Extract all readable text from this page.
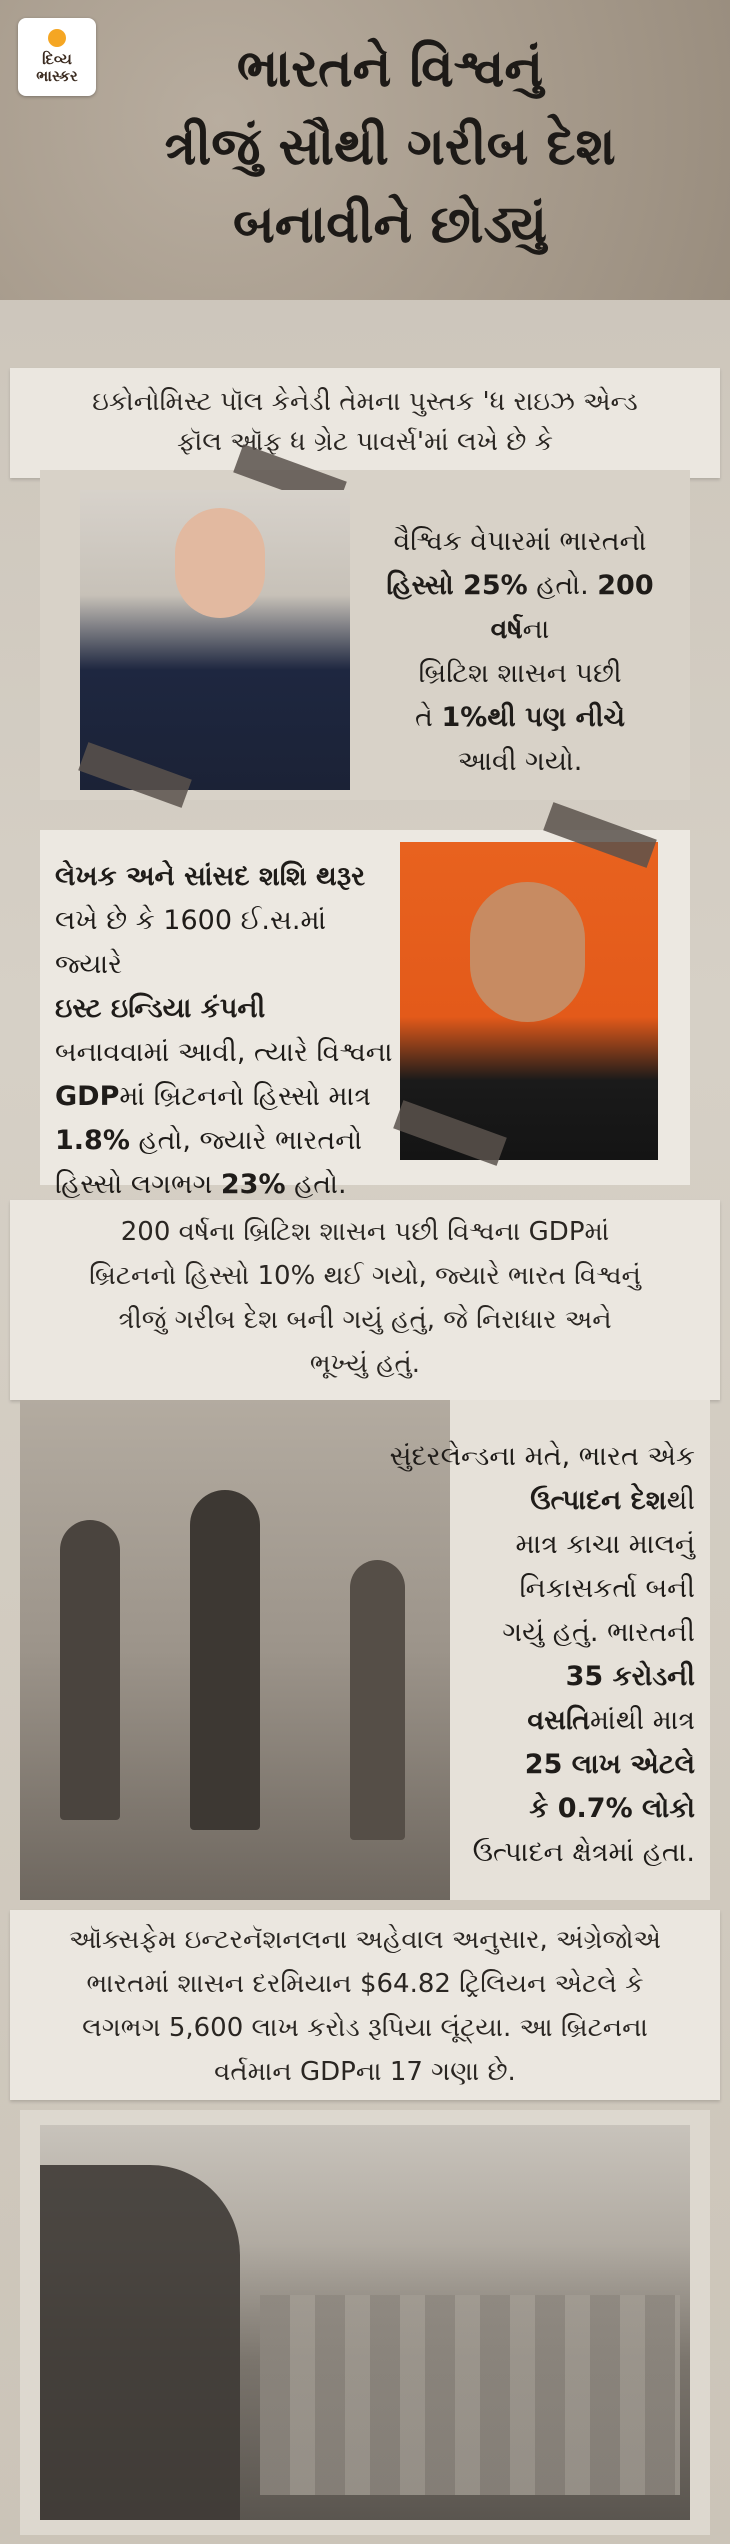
દિવ્ય
ભાસ્કર	ભારતને વિશ્વનું
ત્રીજું સૌથી ગરીબ દેશ
બનાવીને છોડ્યું
ઇકોનોમિસ્ટ પૉલ કેનેડી તેમના પુસ્તક 'ધ રાઇઝ એન્ડ
ફૉલ ઑફ ધ ગ્રેટ પાવર્સ'માં લખે છે કે
વૈશ્વિક વેપારમાં ભારતનો
હિસ્સો 25% હતો. 200 વર્ષના
બ્રિટિશ શાસન પછી
તે 1%થી પણ નીચે
આવી ગયો.
લેખક અને સાંસદ શશિ થરૂર
લખે છે કે 1600 ઈ.સ.માં જ્યારે
ઇસ્ટ ઇન્ડિયા કંપની
બનાવવામાં આવી, ત્યારે વિશ્વના
GDPમાં બ્રિટનનો હિસ્સો માત્ર
1.8% હતો, જ્યારે ભારતનો
હિસ્સો લગભગ 23% હતો.
200 વર્ષના બ્રિટિશ શાસન પછી વિશ્વના GDPમાં
બ્રિટનનો હિસ્સો 10% થઈ ગયો, જ્યારે ભારત વિશ્વનું
ત્રીજું ગરીબ દેશ બની ગયું હતું, જે નિરાધાર અને
ભૂખ્યું હતું.
સુંદરલેન્ડના મતે, ભારત એક
ઉત્પાદન દેશથી
માત્ર કાચા માલનું
નિકાસકર્તા બની
ગયું હતું. ભારતની
35 કરોડની
વસતિમાંથી માત્ર
25 લાખ એટલે
કે 0.7% લોકો
ઉત્પાદન ક્ષેત્રમાં હતા.
ઑક્સફેમ ઇન્ટરનૅશનલના અહેવાલ અનુસાર, અંગ્રેજોએ
ભારતમાં શાસન દરમિયાન $64.82 ટ્રિલિયન એટલે કે
લગભગ 5,600 લાખ કરોડ રૂપિયા લૂંટ્યા. આ બ્રિટનના
વર્તમાન GDPના 17 ગણા છે.
